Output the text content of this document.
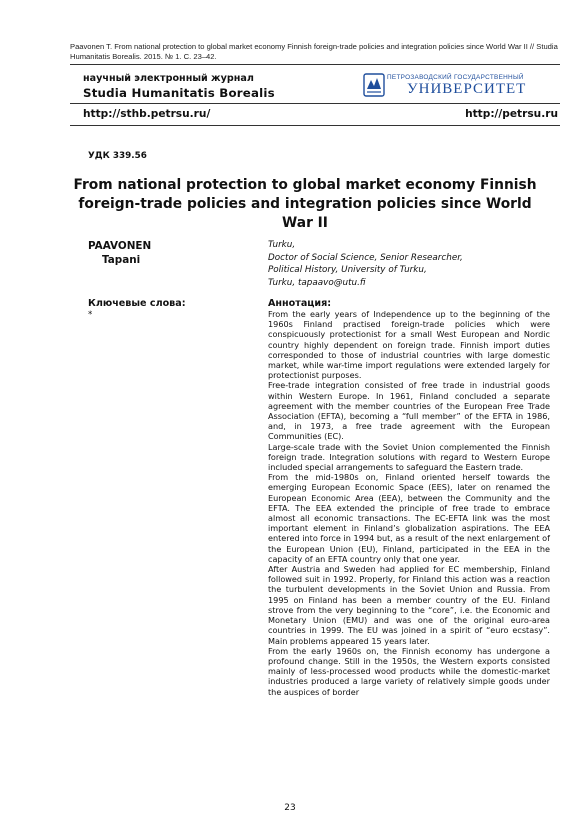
Paavonen T. From national protection to global market economy Finnish foreign-trade policies and integration policies since World War II // Studia Humanitatis Borealis. 2015. № 1. С. 23–42.
научный электронный журнал
Studia Humanitatis Borealis
ПЕТРОЗАВОДСКИЙ ГОСУДАРСТВЕННЫЙ
УНИВЕРСИТЕТ
http://sthb.petrsu.ru/	http://petrsu.ru
УДК 339.56
From national protection to global market economy Finnish foreign-trade policies and integration policies since World War II
PAAVONEN
Tapani
Turku,
Doctor of Social Science, Senior Researcher,
Political History, University of Turku,
Turku, tapaavo@utu.fi
Ключевые слова:
*
Аннотация:

From the early years of Independence up to the beginning of the 1960s Finland practised foreign-trade policies which were conspicuously protectionist for a small West European and Nordic country highly dependent on foreign trade. Finnish import duties corresponded to those of industrial countries with large domestic market, while war-time import regulations were extended largely for protectionist purposes.

Free-trade integration consisted of free trade in industrial goods within Western Europe. In 1961, Finland concluded a separate agreement with the member countries of the European Free Trade Association (EFTA), becoming a “full member” of the EFTA in 1986, and, in 1973, a free trade agreement with the European Communities (EC).

Large-scale trade with the Soviet Union complemented the Finnish foreign trade. Integration solutions with regard to Western Europe included special arrangements to safeguard the Eastern trade.

From the mid-1980s on, Finland oriented herself towards the emerging European Economic Space (EES), later on renamed the European Economic Area (EEA), between the Community and the EFTA. The EEA extended the principle of free trade to embrace almost all economic transactions. The EC-EFTA link was the most important element in Finland’s globalization aspirations. The EEA entered into force in 1994 but, as a result of the next enlargement of the European Union (EU), Finland, participated in the EEA in the capacity of an EFTA country only that one year.

After Austria and Sweden had applied for EC membership, Finland followed suit in 1992. Properly, for Finland this action was a reaction the turbulent developments in the Soviet Union and Russia. From 1995 on Finland has been a member country of the EU. Finland strove from the very beginning to the “core”, i.e. the Economic and Monetary Union (EMU) and was one of the original euro-area countries in 1999. The EU was joined in a spirit of “euro ecstasy”. Main problems appeared 15 years later.

From the early 1960s on, the Finnish economy has undergone a profound change. Still in the 1950s, the Western exports consisted mainly of less-processed wood products while the domestic-market industries produced a large variety of relatively simple goods under the auspices of border

23
